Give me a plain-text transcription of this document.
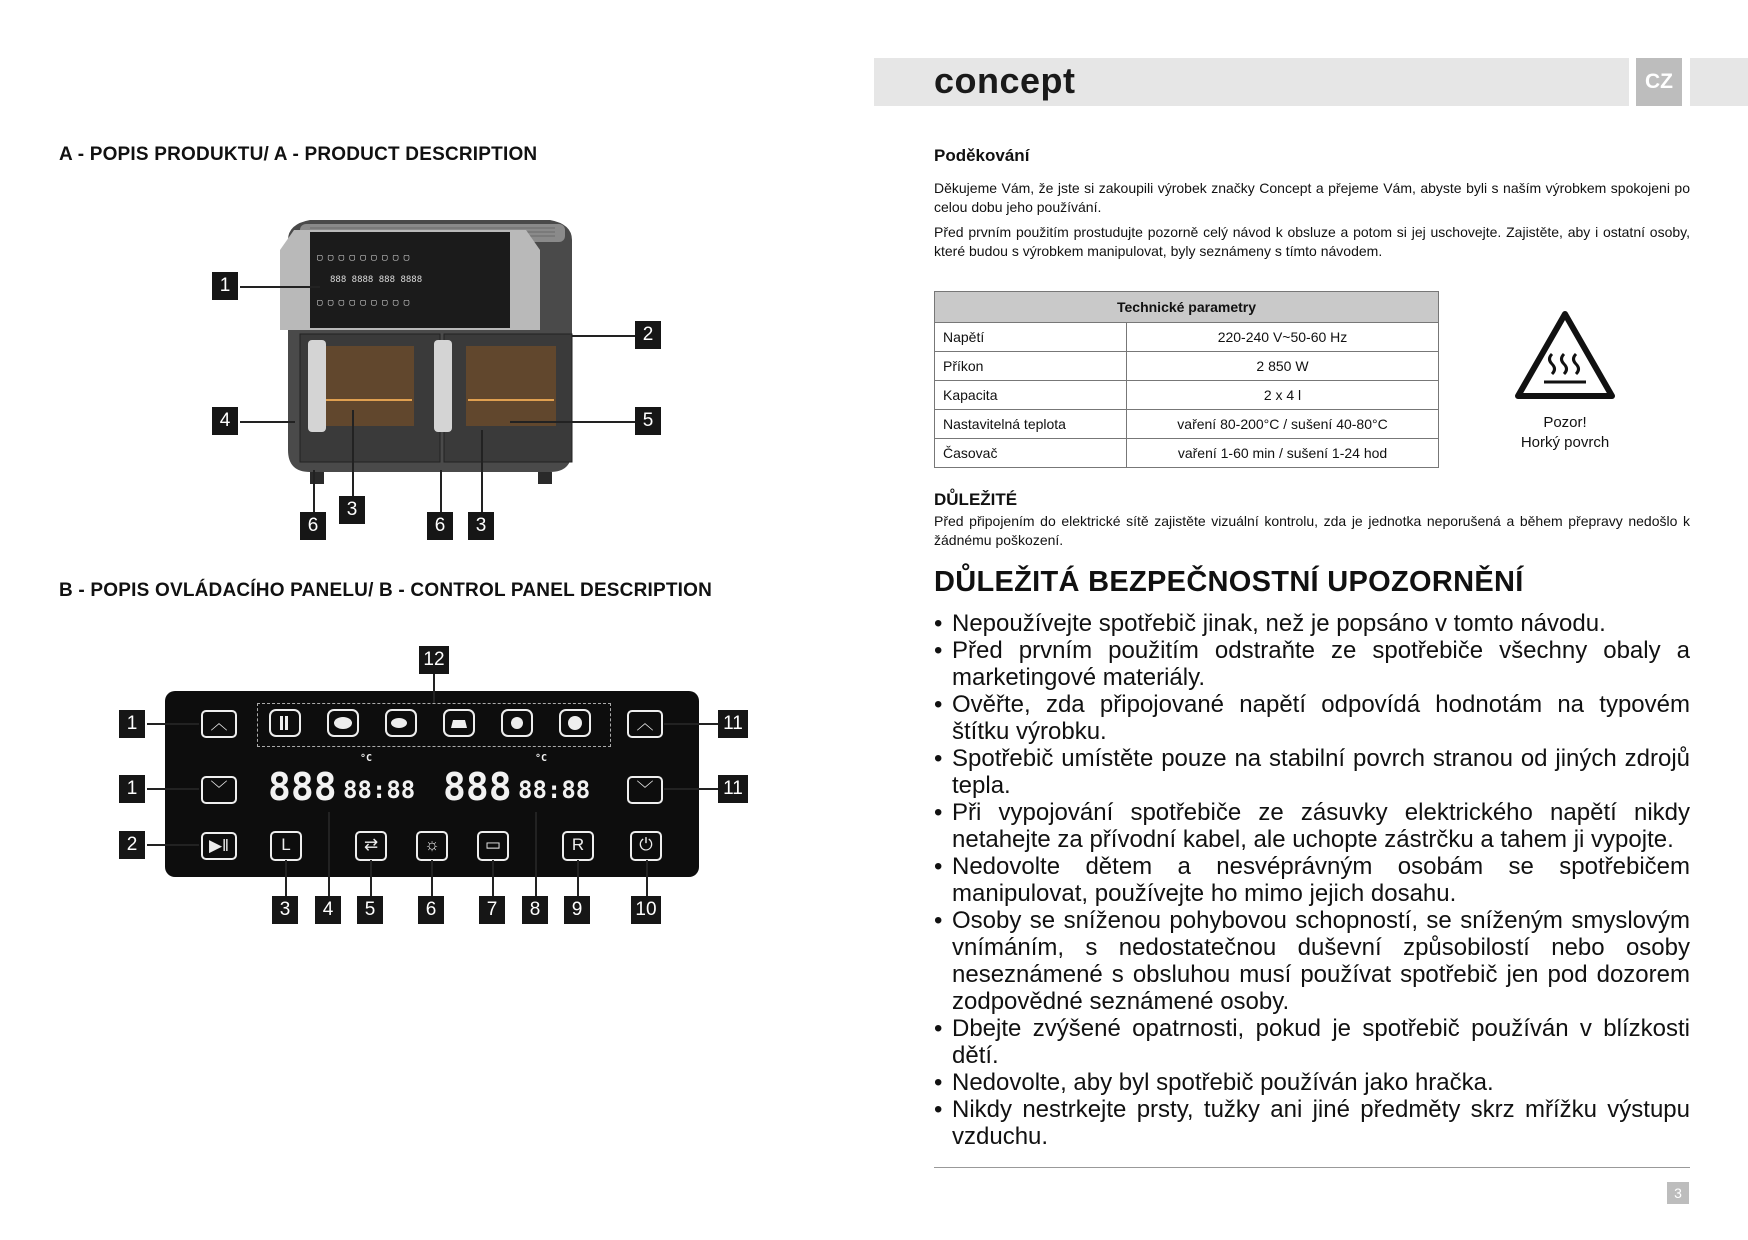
A - POPIS PRODUKTU/ A - PRODUCT DESCRIPTION
▢ ▢ ▢ ▢ ▢ ▢ ▢ ▢ ▢
888 8888 888 8888
▢ ▢ ▢ ▢ ▢ ▢ ▢ ▢ ▢
1
2
4	5
3
3
6	6
B - POPIS OVLÁDACÍHO PANELU/ B - CONTROL PANEL DESCRIPTION
︿
﹀
▶ǁ
︿
﹀
L	⇄	☼	▭	R	⏻
888 88:88 888 88:88
°C	°C
1
1
2
11
11
12
3	4	5	6	7	8	9	10
concept	CZ
Poděkování
Děkujeme Vám, že jste si zakoupili výrobek značky Concept a přejeme Vám, abyste byli s naším výrobkem spokojeni po celou dobu jeho používání.
Před prvním použitím prostudujte pozorně celý návod k obsluze a potom si jej uschovejte. Zajistěte, aby i ostatní osoby, které budou s výrobkem manipulovat, byly seznámeny s tímto návodem.
Technické parametry	
Napětí	220-240 V~50-60 Hz
Příkon	2 850 W
Kapacita	2 x 4 l
Nastavitelná teplota	vaření 80-200°C / sušení 40-80°C
Časovač	vaření 1-60 min / sušení 1-24 hod
Pozor!
Horký povrch
DŮLEŽITÉ
Před připojením do elektrické sítě zajistěte vizuální kontrolu, zda je jednotka neporušená a během přepravy nedošlo k žádnému poškození.
DŮLEŽITÁ BEZPEČNOSTNÍ UPOZORNĚNÍ
• Nepoužívejte spotřebič jinak, než je popsáno v tomto návodu.
• Před prvním použitím odstraňte ze spotřebiče všechny obaly a marketingové materiály.
• Ověřte, zda připojované napětí odpovídá hodnotám na typovém štítku výrobku.
• Spotřebič umístěte pouze na stabilní povrch stranou od jiných zdrojů tepla.
• Při vypojování spotřebiče ze zásuvky elektrického napětí nikdy netahejte za přívodní kabel, ale uchopte zástrčku a tahem ji vypojte.
• Nedovolte dětem a nesvéprávným osobám se spotřebičem manipulovat, používejte ho mimo jejich dosahu.
• Osoby se sníženou pohybovou schopností, se sníženým smyslovým vnímáním, s nedostatečnou duševní způsobilostí nebo osoby neseznámené s obsluhou musí používat spotřebič jen pod dozorem zodpovědné seznámené osoby.
• Dbejte zvýšené opatrnosti, pokud je spotřebič používán v blízkosti dětí.
• Nedovolte, aby byl spotřebič používán jako hračka.
• Nikdy nestrkejte prsty, tužky ani jiné předměty skrz mřížku výstupu vzduchu.
3
